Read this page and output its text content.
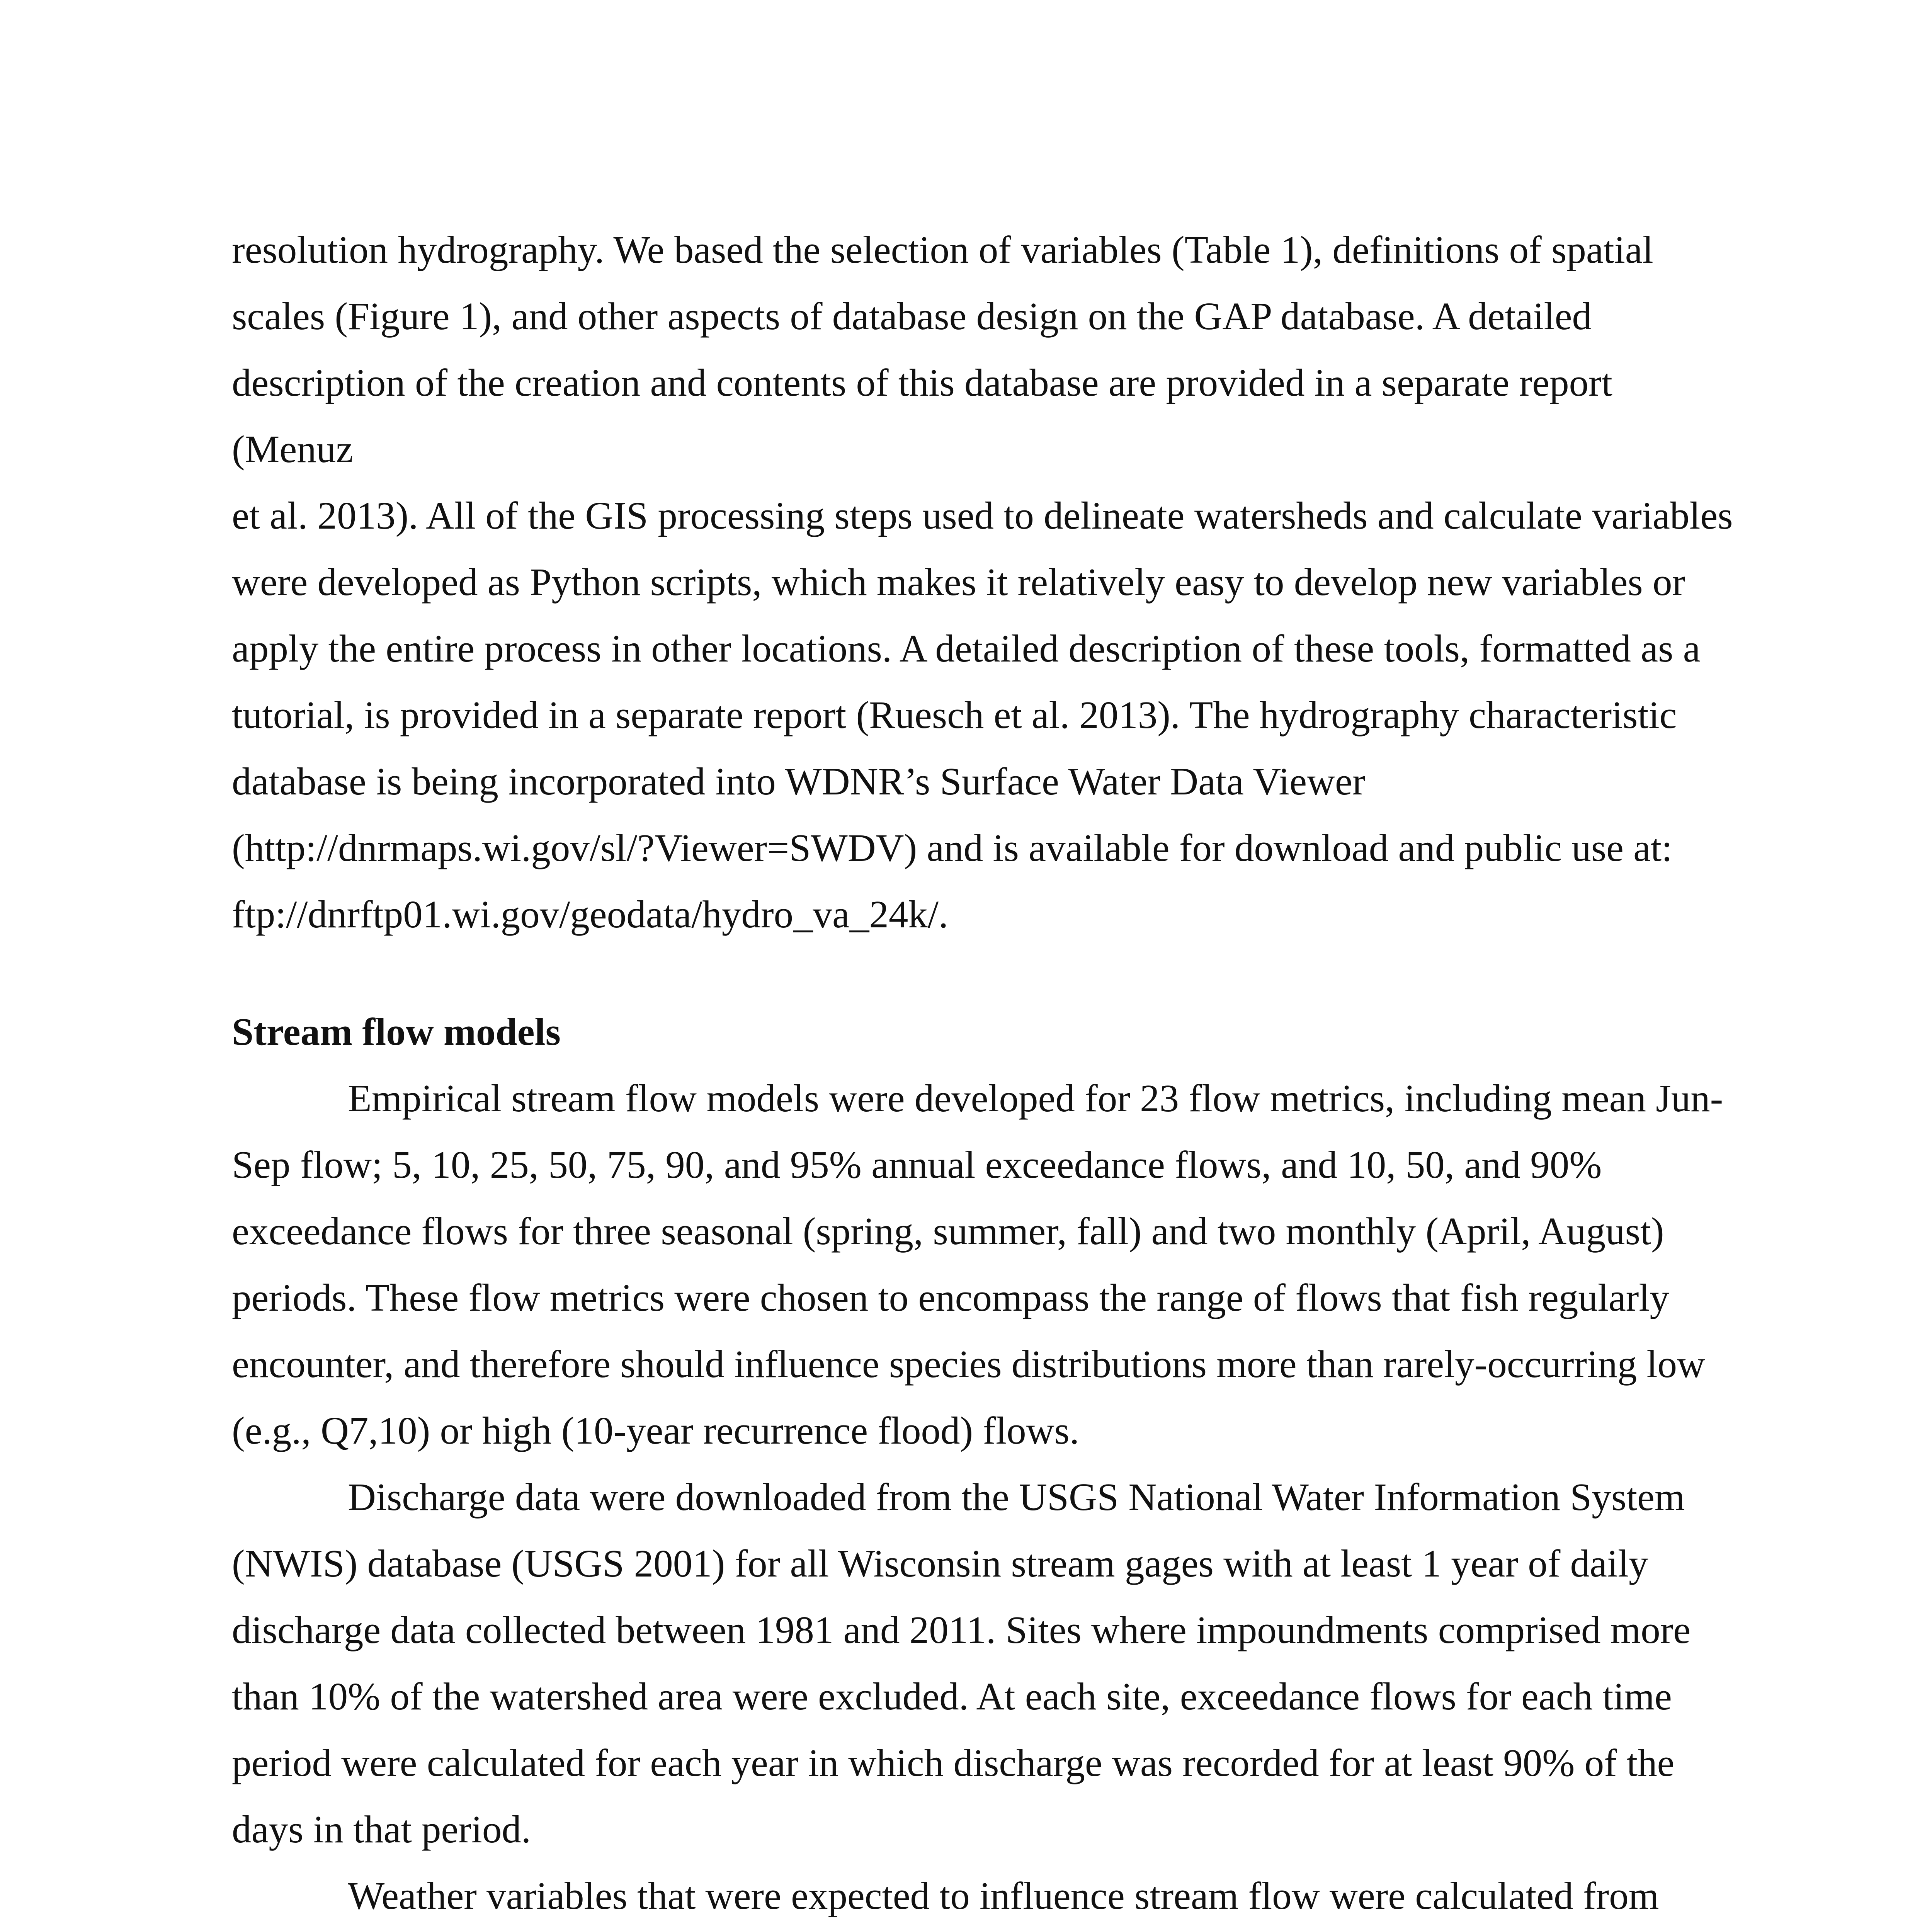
resolution hydrography. We based the selection of variables (Table 1), definitions of spatial
scales (Figure 1), and other aspects of database design on the GAP database. A detailed
description of the creation and contents of this database are provided in a separate report (Menuz
et al. 2013). All of the GIS processing steps used to delineate watersheds and calculate variables
were developed as Python scripts, which makes it relatively easy to develop new variables or
apply the entire process in other locations. A detailed description of these tools, formatted as a
tutorial, is provided in a separate report (Ruesch et al. 2013). The hydrography characteristic
database is being incorporated into WDNR’s Surface Water Data Viewer
(http://dnrmaps.wi.gov/sl/?Viewer=SWDV) and is available for download and public use at:
ftp://dnrftp01.wi.gov/geodata/hydro_va_24k/.

Stream flow models

Empirical stream flow models were developed for 23 flow metrics, including mean Jun-
Sep flow; 5, 10, 25, 50, 75, 90, and 95% annual exceedance flows, and 10, 50, and 90%
exceedance flows for three seasonal (spring, summer, fall) and two monthly (April, August)
periods. These flow metrics were chosen to encompass the range of flows that fish regularly
encounter, and therefore should influence species distributions more than rarely-occurring low
(e.g., Q7,10) or high (10-year recurrence flood) flows.

Discharge data were downloaded from the USGS National Water Information System
(NWIS) database (USGS 2001) for all Wisconsin stream gages with at least 1 year of daily
discharge data collected between 1981 and 2011. Sites where impoundments comprised more
than 10% of the watershed area were excluded. At each site, exceedance flows for each time
period were calculated for each year in which discharge was recorded for at least 90% of the
days in that period.

Weather variables that were expected to influence stream flow were calculated from
